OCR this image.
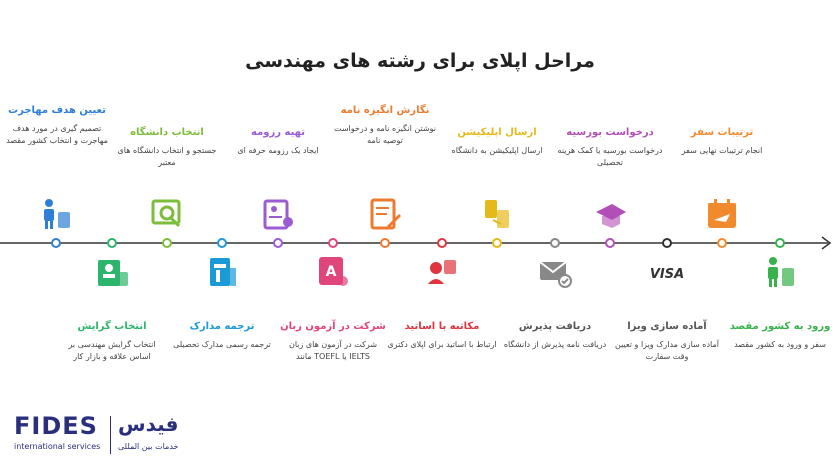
مراحل اپلای برای رشته های مهندسی
ترتیبات سفر
انجام ترتیبات نهایی سفر
درخواست بورسیه
درخواست بورسیه یا کمک هزینه تحصیلی
ارسال اپلیکیشن
ارسال اپلیکیشن به دانشگاه
نگارش انگیزه نامه
نوشتن انگیزه نامه و درخواست توصیه نامه
تهیه رزومه
ایجاد یک رزومه حرفه ای
انتخاب دانشگاه
جستجو و انتخاب دانشگاه های معتبر
تعیین هدف مهاجرت
تصمیم گیری در مورد هدف مهاجرت و انتخاب کشور مقصد
ورود به کشور مقصد
سفر و ورود به کشور مقصد
VISA
آماده سازی ویزا
آماده سازی مدارک ویزا و تعیین وقت سفارت
دریافت پذیرش
دریافت نامه پذیرش از دانشگاه
مکاتبه با اساتید
ارتباط با اساتید برای اپلای دکتری
A
شرکت در آزمون زبان
شرکت در آزمون های زبان IELTS یا TOEFL مانند
ترجمه مدارک
ترجمه رسمی مدارک تحصیلی
انتخاب گرایش
انتخاب گرایش مهندسی بر اساس علاقه و بازار کار
FIDES
international services
فیدس
خدمات بین المللی
